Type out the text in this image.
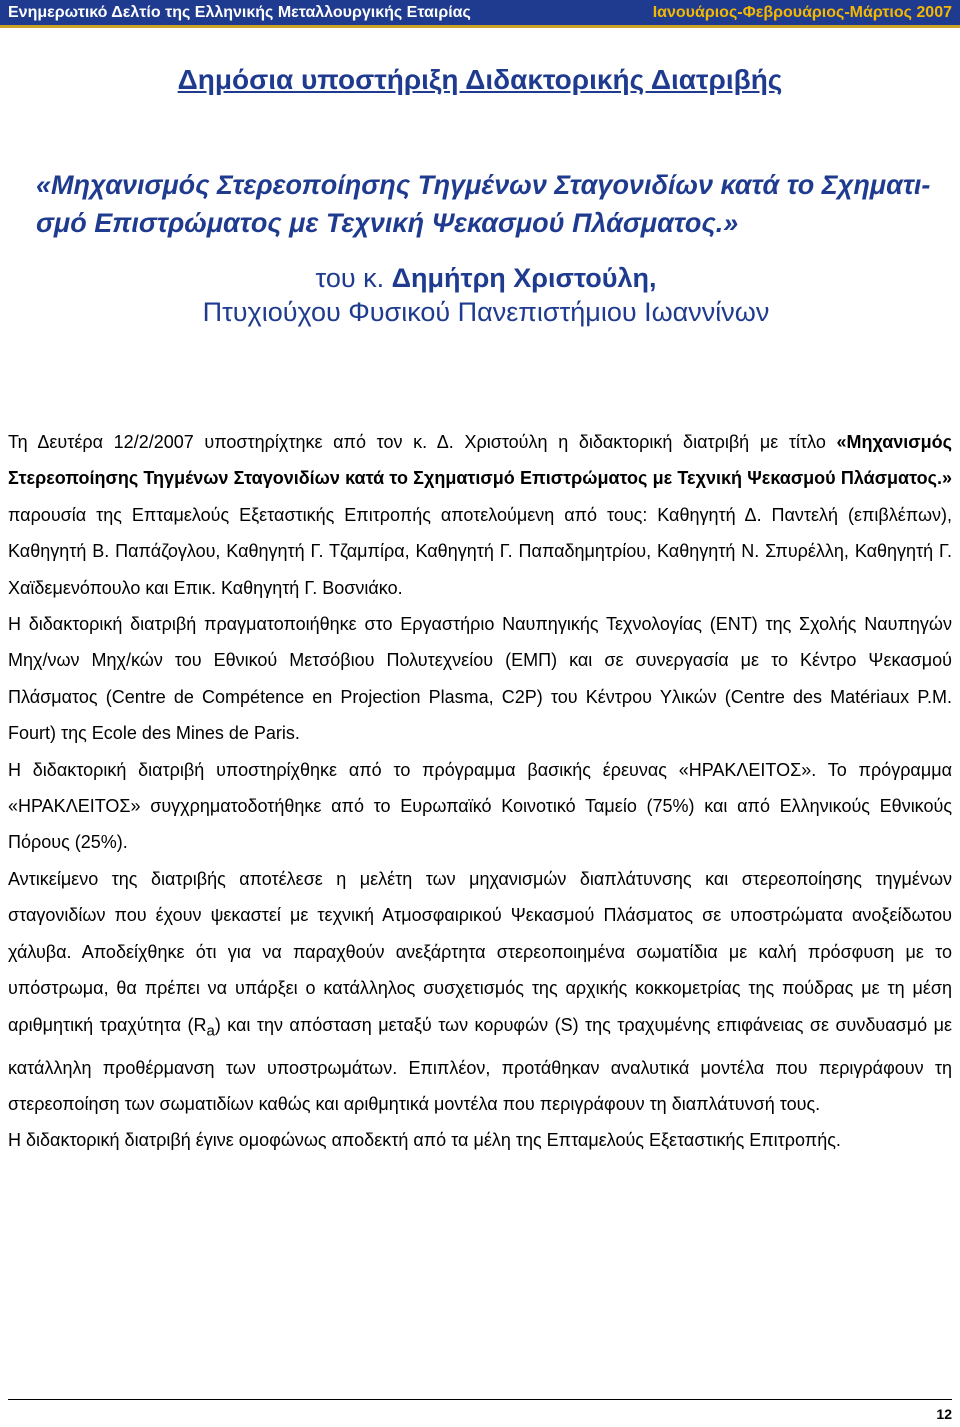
Ενημερωτικό Δελτίο της Ελληνικής Μεταλλουργικής Εταιρίας	Ιανουάριος-Φεβρουάριος-Μάρτιος 2007
Δημόσια υποστήριξη Διδακτορικής Διατριβής
«Μηχανισμός Στερεοποίησης Τηγμένων Σταγονιδίων κατά το Σχηματι-σμό Επιστρώματος με Τεχνική Ψεκασμού Πλάσματος.»
του κ. Δημήτρη Χριστούλη,
Πτυχιούχου Φυσικού Πανεπιστήμιου Ιωαννίνων

Τη Δευτέρα 12/2/2007 υποστηρίχτηκε από τον κ. Δ. Χριστούλη η διδακτορική διατριβή με τίτλο «Μηχανισμός Στερεοποίησης Τηγμένων Σταγονιδίων κατά το Σχηματισμό Επιστρώματος με Τεχνική Ψεκασμού Πλάσματος.» παρουσία της Επταμελούς Εξεταστικής Επιτροπής αποτελούμενη από τους: Καθηγητή Δ. Παντελή (επιβλέπων), Καθηγητή Β. Παπάζογλου, Καθηγητή Γ. Τζαμπίρα, Καθηγητή Γ. Παπαδημητρίου, Καθηγητή Ν. Σπυρέλλη, Καθηγητή Γ. Χαϊδεμενόπουλο και Επικ. Καθηγητή Γ. Βοσνιάκο.

Η διδακτορική διατριβή πραγματοποιήθηκε στο Εργαστήριο Ναυπηγικής Τεχνολογίας (ΕΝΤ) της Σχολής Ναυπηγών Μηχ/νων Μηχ/κών του Εθνικού Μετσόβιου Πολυτεχνείου (ΕΜΠ) και σε συνεργασία με το Κέντρο Ψεκασμού Πλάσματος (Centre de Compétence en Projection Plasma, C2P) του Κέντρου Υλικών (Centre des Matériaux P.M. Fourt) της Ecole des Mines de Paris.

Η διδακτορική διατριβή υποστηρίχθηκε από το πρόγραμμα βασικής έρευνας «ΗΡΑΚΛΕΙΤΟΣ». Το πρόγραμμα «ΗΡΑΚΛΕΙΤΟΣ» συγχρηματοδοτήθηκε από το Ευρωπαϊκό Κοινοτικό Ταμείο (75%) και από Ελληνικούς Εθνικούς Πόρους (25%).

Αντικείμενο της διατριβής αποτέλεσε η μελέτη των μηχανισμών διαπλάτυνσης και στερεοποίησης τηγμένων σταγονιδίων που έχουν ψεκαστεί με τεχνική Ατμοσφαιρικού Ψεκασμού Πλάσματος σε υποστρώματα ανοξείδωτου χάλυβα. Αποδείχθηκε ότι για να παραχθούν ανεξάρτητα στερεοποιημένα σωματίδια με καλή πρόσφυση με το υπόστρωμα, θα πρέπει να υπάρξει ο κατάλληλος συσχετισμός της αρχικής κοκκομετρίας της πούδρας με τη μέση αριθμητική τραχύτητα $(R_a)$ και την απόσταση μεταξύ των κορυφών (S) της τραχυμένης επιφάνειας σε συνδυασμό με κατάλληλη προθέρμανση των υποστρωμάτων. Επιπλέον, προτάθηκαν αναλυτικά μοντέλα που περιγράφουν τη στερεοποίηση των σωματιδίων καθώς και αριθμητικά μοντέλα που περιγράφουν τη διαπλάτυνσή τους.

Η διδακτορική διατριβή έγινε ομοφώνως αποδεκτή από τα μέλη της Επταμελούς Εξεταστικής Επιτροπής.

12
